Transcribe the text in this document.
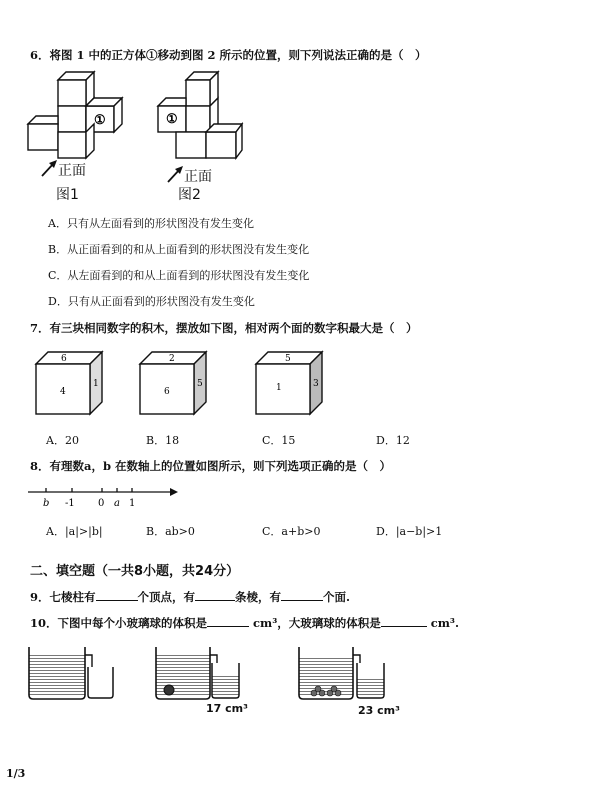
6．将图 1 中的正方体①移动到图 2 所示的位置，则下列说法正确的是（　）
①
正面
图1
①
正面
图2
A．只有从左面看到的形状图没有发生变化
B．从正面看到的和从上面看到的形状图没有发生变化
C．从左面看到的和从上面看到的形状图没有发生变化
D．只有从正面看到的形状图没有发生变化
7．有三块相同数字的积木，摆放如下图，相对两个面的数字积最大是（　）
6
4
1
2
6
5
5
1	3
A．20	B．18	C．15	D．12
8．有理数a，b 在数轴上的位置如图所示，则下列选项正确的是（　）
b -1 0 a 1
A．|a|>|b|	B．ab>0	C．a+b>0	D．|a−b|>1
二、填空题（一共8小题，共24分）
9．七棱柱有	个顶点，有	条棱，有	个面.
10．下图中每个小玻璃球的体积是	cm³，大玻璃球的体积是	cm³.
17 cm³	23 cm³
1/3
